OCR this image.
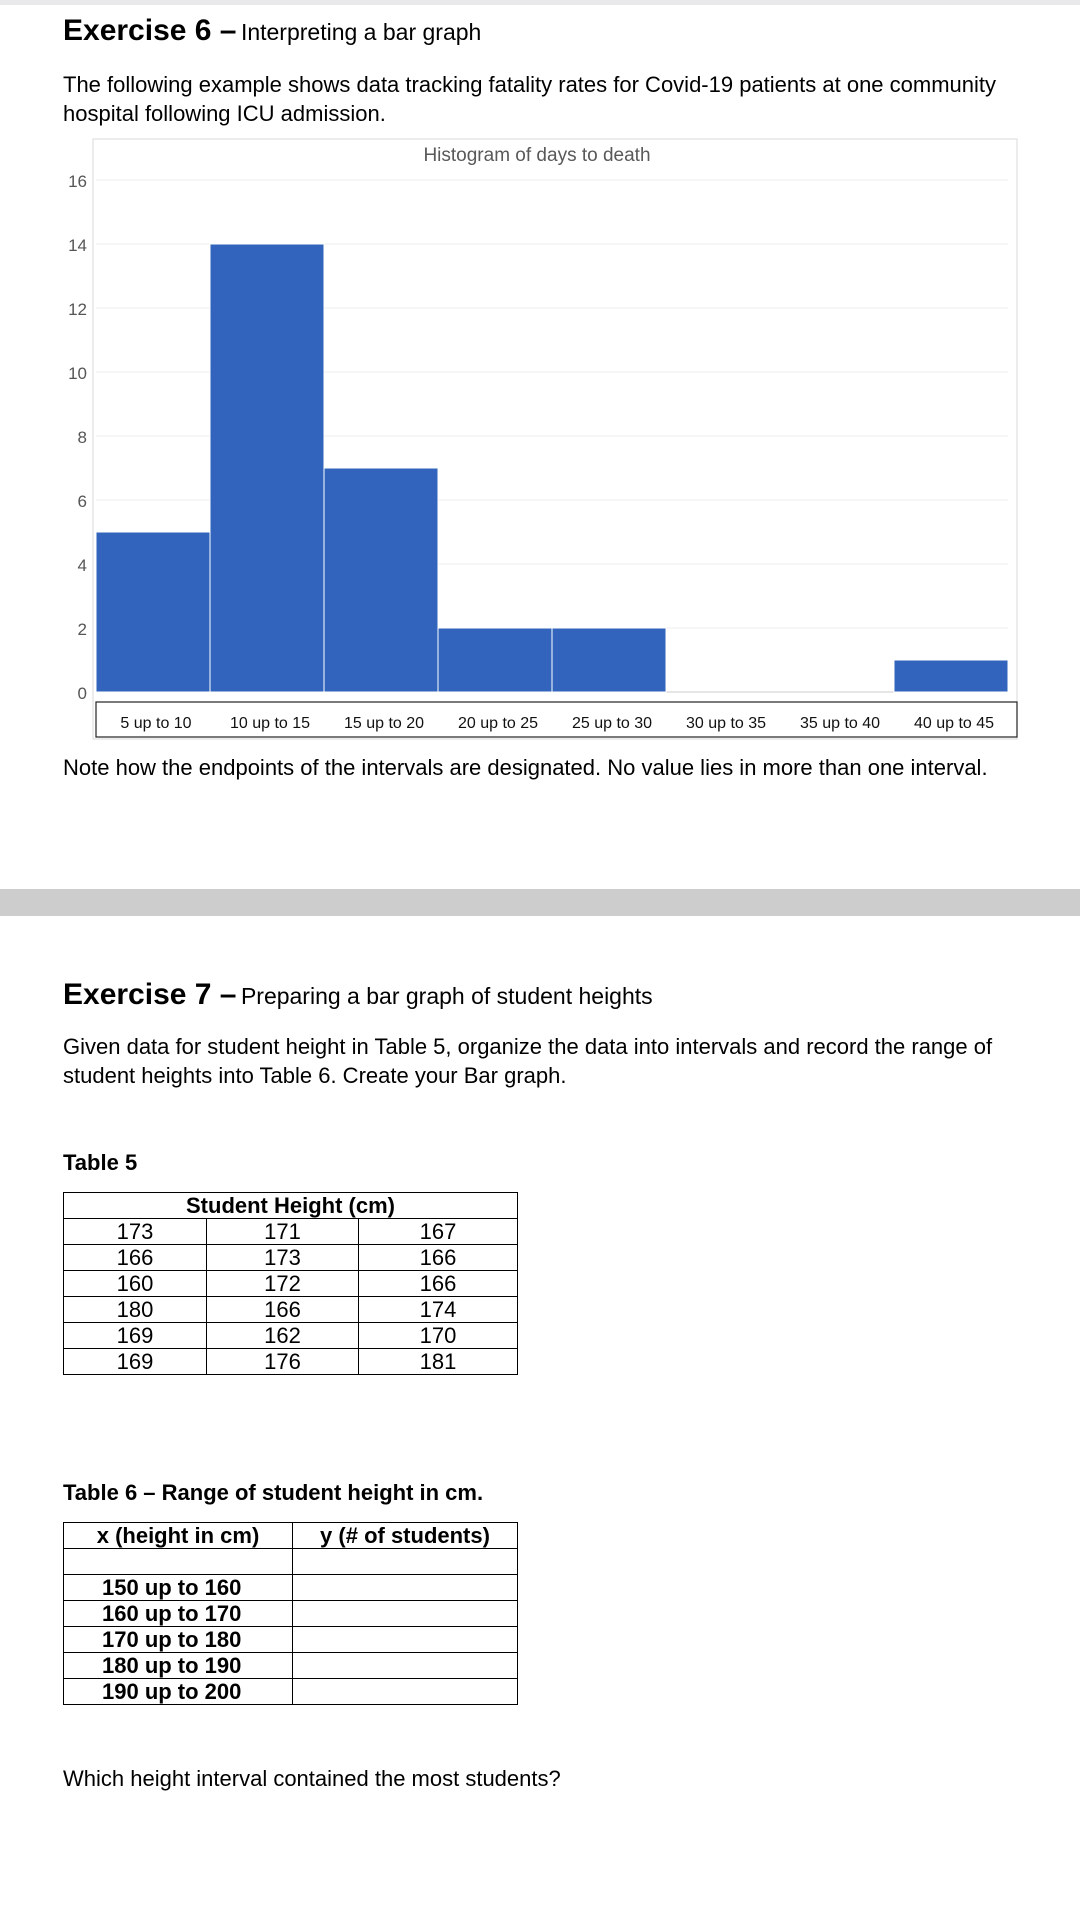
Exercise 6 – Interpreting a bar graph

The following example shows data tracking fatality rates for Covid-19 patients at one community hospital following ICU admission.

Histogram of days to death
0
2
4
6
8
10
12
14
16
5 up to 10 10 up to 15 15 up to 20 20 up to 25 25 up to 30 30 up to 35 35 up to 40 40 up to 45

Note how the endpoints of the intervals are designated. No value lies in more than one interval.

Exercise 7 – Preparing a bar graph of student heights

Given data for student height in Table 5, organize the data into intervals and record the range of student heights into Table 6. Create your Bar graph.

Table 5

Student Height (cm)		
173	171	167
166	173	166
160	172	166
180	166	174
169	162	170
169	176	181

Table 6 – Range of student height in cm.

x (height in cm)	y (# of students)

150 up to 160	
160 up to 170	
170 up to 180	
180 up to 190	
190 up to 200	

Which height interval contained the most students?
